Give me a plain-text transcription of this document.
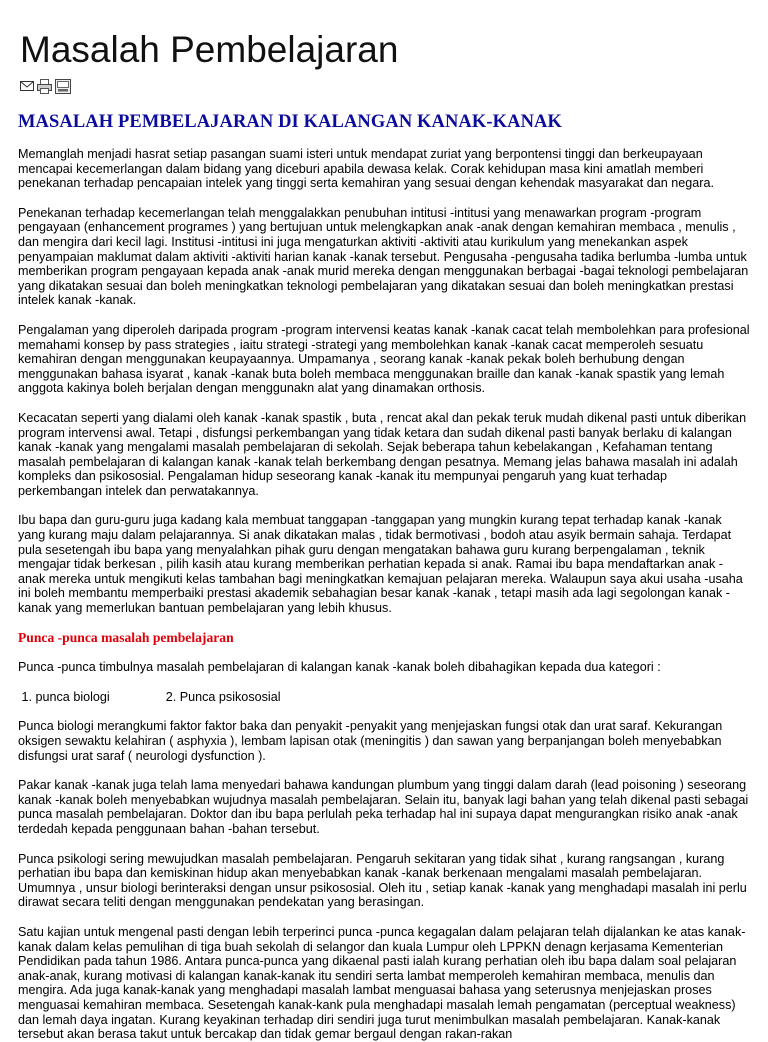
Masalah Pembelajaran
MASALAH PEMBELAJARAN DI KALANGAN KANAK-KANAK

Memanglah menjadi hasrat setiap pasangan suami isteri untuk mendapat zuriat yang berpontensi tinggi dan berkeupayaan mencapai kecemerlangan dalam bidang yang diceburi apabila dewasa kelak. Corak kehidupan masa kini amatlah memberi penekanan terhadap pencapaian intelek yang tinggi serta kemahiran yang sesuai dengan kehendak masyarakat dan negara.

Penekanan terhadap kecemerlangan telah menggalakkan penubuhan intitusi -intitusi yang menawarkan program -program pengayaan (enhancement programes ) yang bertujuan untuk melengkapkan anak -anak dengan kemahiran membaca , menulis , dan mengira dari kecil lagi. Institusi -intitusi ini juga mengaturkan aktiviti -aktiviti atau kurikulum yang menekankan aspek penyampaian maklumat dalam aktiviti -aktiviti harian kanak -kanak tersebut. Pengusaha -pengusaha tadika berlumba -lumba untuk memberikan program pengayaan kepada anak -anak murid mereka dengan menggunakan berbagai -bagai teknologi pembelajaran yang dikatakan sesuai dan boleh meningkatkan teknologi pembelajaran yang dikatakan sesuai dan boleh meningkatkan prestasi intelek kanak -kanak.

Pengalaman yang diperoleh daripada program -program intervensi keatas kanak -kanak cacat telah membolehkan para profesional memahami konsep by pass strategies , iaitu strategi -strategi yang membolehkan kanak -kanak cacat memperoleh sesuatu kemahiran dengan menggunakan keupayaannya. Umpamanya , seorang kanak -kanak pekak boleh berhubung dengan menggunakan bahasa isyarat , kanak -kanak buta boleh membaca menggunakan braille dan kanak -kanak spastik yang lemah anggota kakinya boleh berjalan dengan menggunakn alat yang dinamakan orthosis.

Kecacatan seperti yang dialami oleh kanak -kanak spastik , buta , rencat akal dan pekak teruk mudah dikenal pasti untuk diberikan program intervensi awal. Tetapi , disfungsi perkembangan yang tidak ketara dan sudah dikenal pasti banyak berlaku di kalangan kanak -kanak yang mengalami masalah pembelajaran di sekolah. Sejak beberapa tahun kebelakangan , Kefahaman tentang masalah pembelajaran di kalangan kanak -kanak telah berkembang dengan pesatnya. Memang jelas bahawa masalah ini adalah kompleks dan psikososial. Pengalaman hidup seseorang kanak -kanak itu mempunyai pengaruh yang kuat terhadap perkembangan intelek dan perwatakannya.

Ibu bapa dan guru-guru juga kadang kala membuat tanggapan -tanggapan yang mungkin kurang tepat terhadap kanak -kanak yang kurang maju dalam pelajarannya. Si anak dikatakan malas , tidak bermotivasi , bodoh atau asyik bermain sahaja. Terdapat pula sesetengah ibu bapa yang menyalahkan pihak guru dengan mengatakan bahawa guru kurang berpengalaman , teknik mengajar tidak berkesan , pilih kasih atau kurang memberikan perhatian kepada si anak. Ramai ibu bapa mendaftarkan anak -anak mereka untuk mengikuti kelas tambahan bagi meningkatkan kemajuan pelajaran mereka. Walaupun saya akui usaha -usaha ini boleh membantu memperbaiki prestasi akademik sebahagian besar kanak -kanak , tetapi masih ada lagi segolongan kanak -kanak yang memerlukan bantuan pembelajaran yang lebih khusus.

Punca -punca masalah pembelajaran

Punca -punca timbulnya masalah pembelajaran di kalangan kanak -kanak boleh dibahagikan kepada dua kategori :

1. punca biologi                2. Punca psikososial

Punca biologi merangkumi faktor faktor baka dan penyakit -penyakit yang menjejaskan fungsi otak dan urat saraf. Kekurangan oksigen sewaktu kelahiran ( asphyxia ), lembam lapisan otak (meningitis ) dan sawan yang berpanjangan boleh menyebabkan disfungsi urat saraf ( neurologi dysfunction ).

Pakar kanak -kanak juga telah lama menyedari bahawa kandungan plumbum yang tinggi dalam darah (lead poisoning ) seseorang kanak -kanak boleh menyebabkan wujudnya masalah pembelajaran. Selain itu, banyak lagi bahan yang telah dikenal pasti sebagai punca masalah pembelajaran. Doktor dan ibu bapa perlulah peka terhadap hal ini supaya dapat mengurangkan risiko anak -anak terdedah kepada penggunaan bahan -bahan tersebut.

Punca psikologi sering mewujudkan masalah pembelajaran. Pengaruh sekitaran yang tidak sihat , kurang rangsangan , kurang perhatian ibu bapa dan kemiskinan hidup akan menyebabkan kanak -kanak berkenaan mengalami masalah pembelajaran. Umumnya , unsur biologi berinteraksi dengan unsur psikososial. Oleh itu , setiap kanak -kanak yang menghadapi masalah ini perlu dirawat secara teliti dengan menggunakan pendekatan yang berasingan.

Satu kajian untuk mengenal pasti dengan lebih terperinci punca -punca kegagalan dalam pelajaran telah dijalankan ke atas kanak-kanak dalam kelas pemulihan di tiga buah sekolah di selangor dan kuala Lumpur oleh LPPKN denagn kerjasama Kementerian Pendidikan pada tahun 1986. Antara punca-punca yang dikaenal pasti ialah kurang perhatian oleh ibu bapa dalam soal pelajaran anak-anak, kurang motivasi di kalangan kanak-kanak itu sendiri serta lambat memperoleh kemahiran membaca, menulis dan mengira. Ada juga kanak-kanak yang menghadapi masalah lambat menguasai bahasa yang seterusnya menjejaskan proses menguasai kemahiran membaca. Sesetengah kanak-kank pula menghadapi masalah lemah pengamatan (perceptual weakness) dan lemah daya ingatan. Kurang keyakinan terhadap diri sendiri juga turut menimbulkan masalah pembelajaran. Kanak-kanak tersebut akan berasa takut untuk bercakap dan tidak gemar bergaul dengan rakan-rakan
